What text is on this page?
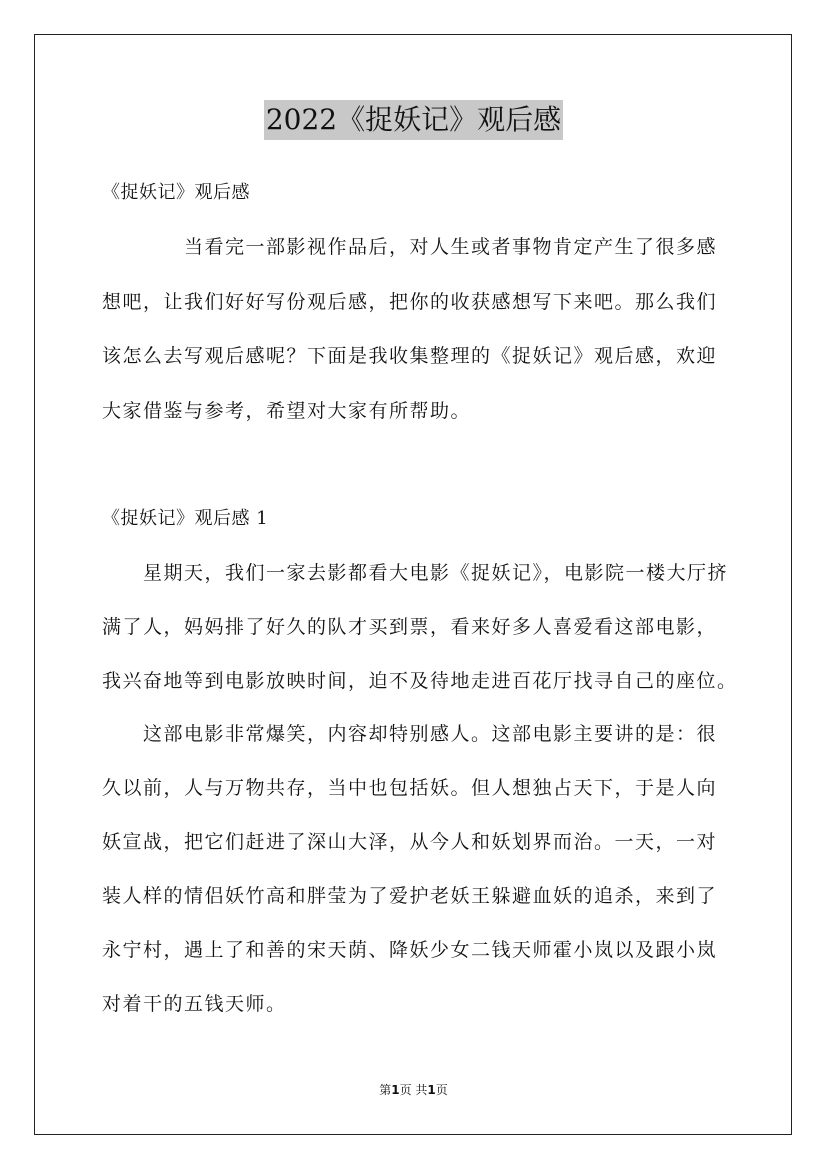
2022《捉妖记》观后感
《捉妖记》观后感
当看完一部影视作品后，对人生或者事物肯定产生了很多感
想吧，让我们好好写份观后感，把你的收获感想写下来吧。那么我们
该怎么去写观后感呢？下面是我收集整理的《捉妖记》观后感，欢迎
大家借鉴与参考，希望对大家有所帮助。
《捉妖记》观后感 1
星期天，我们一家去影都看大电影《捉妖记》，电影院一楼大厅挤
满了人，妈妈排了好久的队才买到票，看来好多人喜爱看这部电影，
我兴奋地等到电影放映时间，迫不及待地走进百花厅找寻自己的座位。
这部电影非常爆笑，内容却特别感人。这部电影主要讲的是：很
久以前，人与万物共存，当中也包括妖。但人想独占天下，于是人向
妖宣战，把它们赶进了深山大泽，从今人和妖划界而治。一天，一对
装人样的情侣妖竹高和胖莹为了爱护老妖王躲避血妖的追杀，来到了
永宁村，遇上了和善的宋天荫、降妖少女二钱天师霍小岚以及跟小岚
对着干的五钱天师。
第1页 共1页
